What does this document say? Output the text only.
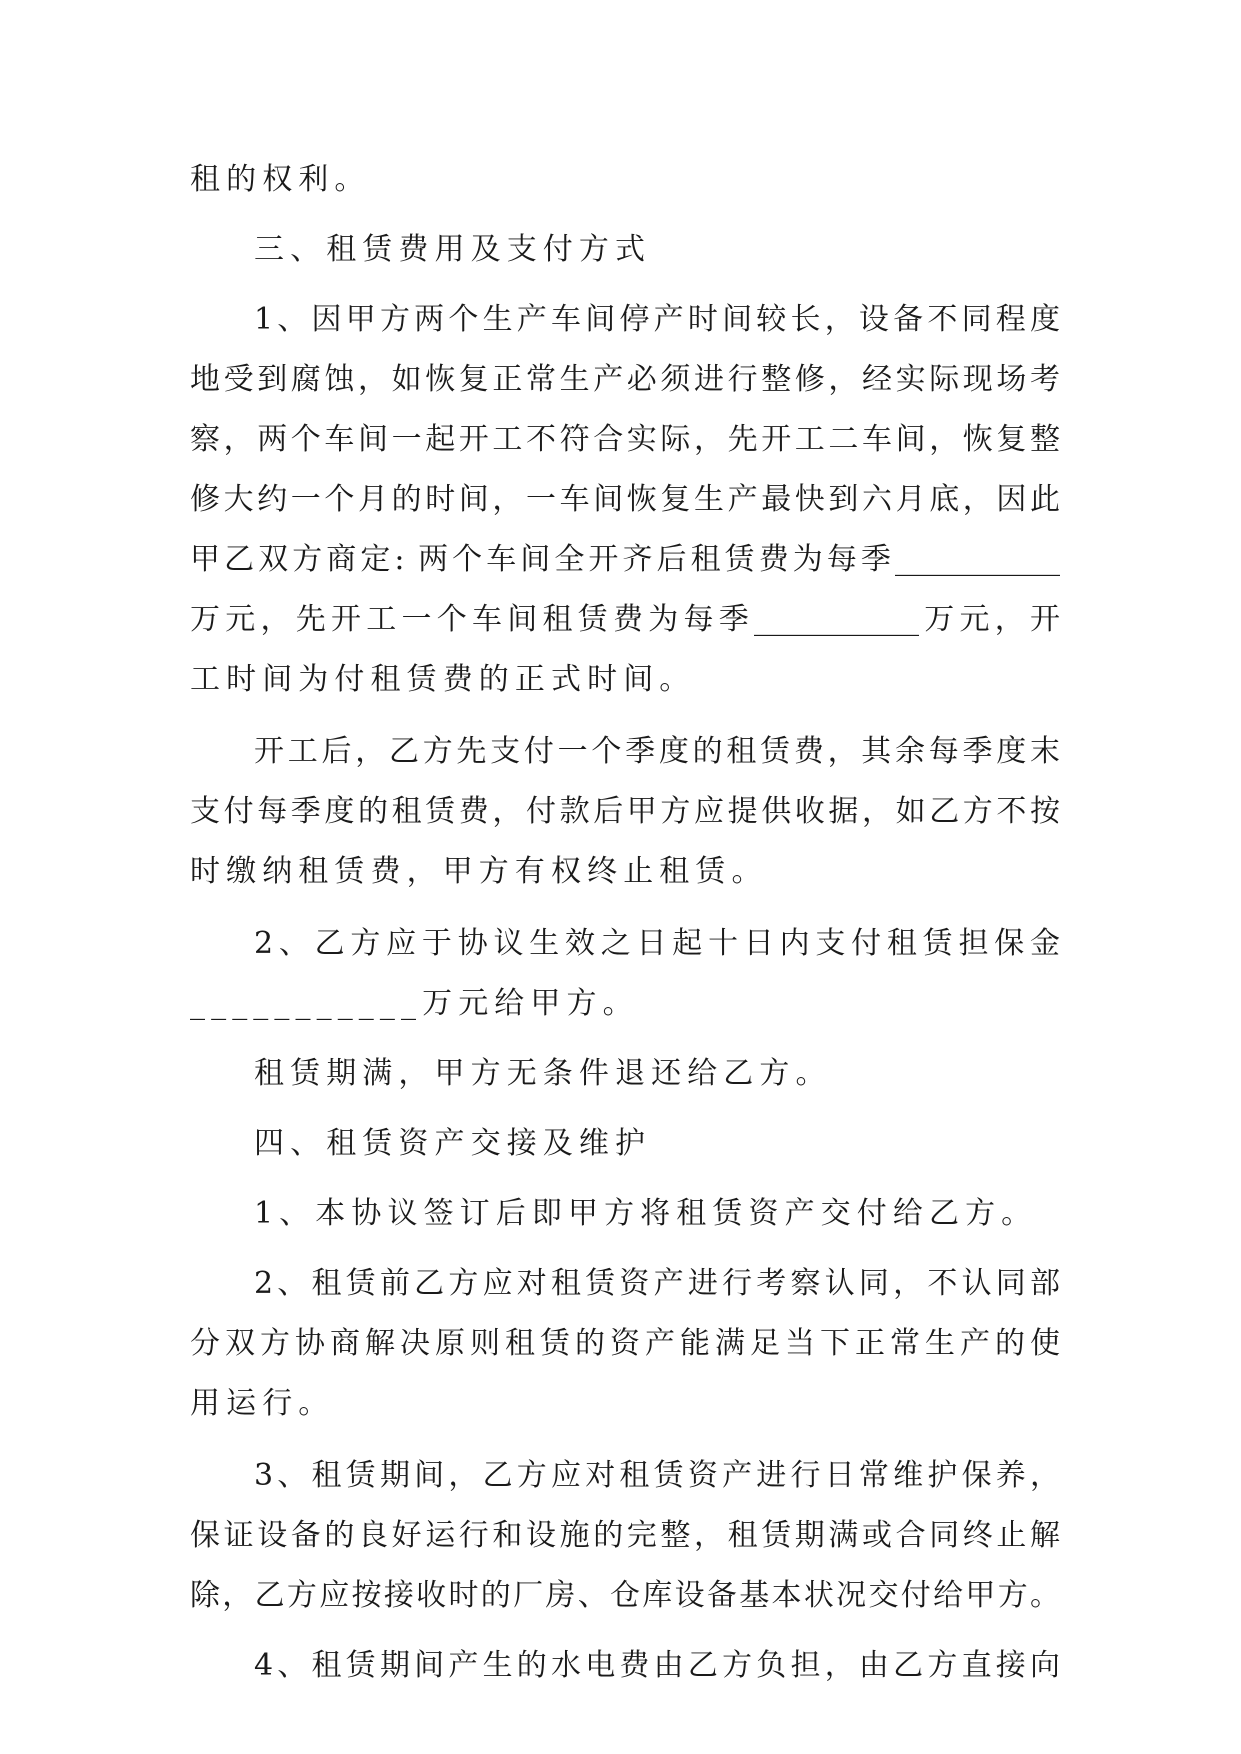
租的权利。
三、租赁费用及支付方式
1、因甲方两个生产车间停产时间较长，设备不同程度
地受到腐蚀，如恢复正常生产必须进行整修，经实际现场考
察，两个车间一起开工不符合实际，先开工二车间，恢复整
修大约一个月的时间，一车间恢复生产最快到六月底，因此
甲乙双方商定: 两个车间全开齐后租赁费为每季___________
万元，先开工一个车间租赁费为每季___________万元，开
工时间为付租赁费的正式时间。
开工后，乙方先支付一个季度的租赁费，其余每季度末
支付每季度的租赁费，付款后甲方应提供收据，如乙方不按
时缴纳租赁费，甲方有权终止租赁。
2、乙方应于协议生效之日起十日内支付租赁担保金
___________万元给甲方。
租赁期满，甲方无条件退还给乙方。
四、租赁资产交接及维护
1、本协议签订后即甲方将租赁资产交付给乙方。
2、租赁前乙方应对租赁资产进行考察认同，不认同部
分双方协商解决原则租赁的资产能满足当下正常生产的使
用运行。
3、租赁期间，乙方应对租赁资产进行日常维护保养，
保证设备的良好运行和设施的完整，租赁期满或合同终止解
除，乙方应按接收时的厂房、仓库设备基本状况交付给甲方。
4、租赁期间产生的水电费由乙方负担，由乙方直接向
